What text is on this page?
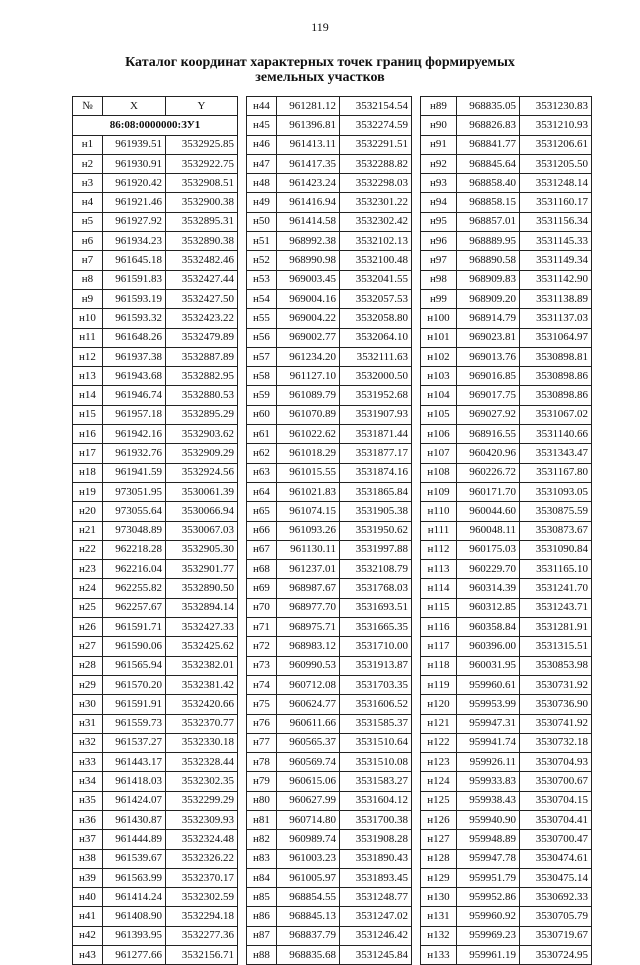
119
Каталог координат характерных точек границ формируемых
земельных участков
№	X	Y
86:08:0000000:ЗУ1		
н1	961939.51	3532925.85
н2	961930.91	3532922.75
н3	961920.42	3532908.51
н4	961921.46	3532900.38
н5	961927.92	3532895.31
н6	961934.23	3532890.38
н7	961645.18	3532482.46
н8	961591.83	3532427.44
н9	961593.19	3532427.50
н10	961593.32	3532423.22
н11	961648.26	3532479.89
н12	961937.38	3532887.89
н13	961943.68	3532882.95
н14	961946.74	3532880.53
н15	961957.18	3532895.29
н16	961942.16	3532903.62
н17	961932.76	3532909.29
н18	961941.59	3532924.56
н19	973051.95	3530061.39
н20	973055.64	3530066.94
н21	973048.89	3530067.03
н22	962218.28	3532905.30
н23	962216.04	3532901.77
н24	962255.82	3532890.50
н25	962257.67	3532894.14
н26	961591.71	3532427.33
н27	961590.06	3532425.62
н28	961565.94	3532382.01
н29	961570.20	3532381.42
н30	961591.91	3532420.66
н31	961559.73	3532370.77
н32	961537.27	3532330.18
н33	961443.17	3532328.44
н34	961418.03	3532302.35
н35	961424.07	3532299.29
н36	961430.87	3532309.93
н37	961444.89	3532324.48
н38	961539.67	3532326.22
н39	961563.99	3532370.17
н40	961414.24	3532302.59
н41	961408.90	3532294.18
н42	961393.95	3532277.36
н43	961277.66	3532156.71
н44	961281.12	3532154.54
н45	961396.81	3532274.59
н46	961413.11	3532291.51
н47	961417.35	3532288.82
н48	961423.24	3532298.03
н49	961416.94	3532301.22
н50	961414.58	3532302.42
н51	968992.38	3532102.13
н52	968990.98	3532100.48
н53	969003.45	3532041.55
н54	969004.16	3532057.53
н55	969004.22	3532058.80
н56	969002.77	3532064.10
н57	961234.20	3532111.63
н58	961127.10	3532000.50
н59	961089.79	3531952.68
н60	961070.89	3531907.93
н61	961022.62	3531871.44
н62	961018.29	3531877.17
н63	961015.55	3531874.16
н64	961021.83	3531865.84
н65	961074.15	3531905.38
н66	961093.26	3531950.62
н67	961130.11	3531997.88
н68	961237.01	3532108.79
н69	968987.67	3531768.03
н70	968977.70	3531693.51
н71	968975.71	3531665.35
н72	968983.12	3531710.00
н73	960990.53	3531913.87
н74	960712.08	3531703.35
н75	960624.77	3531606.52
н76	960611.66	3531585.37
н77	960565.37	3531510.64
н78	960569.74	3531510.08
н79	960615.06	3531583.27
н80	960627.99	3531604.12
н81	960714.80	3531700.38
н82	960989.74	3531908.28
н83	961003.23	3531890.43
н84	961005.97	3531893.45
н85	968854.55	3531248.77
н86	968845.13	3531247.02
н87	968837.79	3531246.42
н88	968835.68	3531245.84
н89	968835.05	3531230.83
н90	968826.83	3531210.93
н91	968841.77	3531206.61
н92	968845.64	3531205.50
н93	968858.40	3531248.14
н94	968858.15	3531160.17
н95	968857.01	3531156.34
н96	968889.95	3531145.33
н97	968890.58	3531149.34
н98	968909.83	3531142.90
н99	968909.20	3531138.89
н100	968914.79	3531137.03
н101	969023.81	3531064.97
н102	969013.76	3530898.81
н103	969016.85	3530898.86
н104	969017.75	3530898.86
н105	969027.92	3531067.02
н106	968916.55	3531140.66
н107	960420.96	3531343.47
н108	960226.72	3531167.80
н109	960171.70	3531093.05
н110	960044.60	3530875.59
н111	960048.11	3530873.67
н112	960175.03	3531090.84
н113	960229.70	3531165.10
н114	960314.39	3531241.70
н115	960312.85	3531243.71
н116	960358.84	3531281.91
н117	960396.00	3531315.51
н118	960031.95	3530853.98
н119	959960.61	3530731.92
н120	959953.99	3530736.90
н121	959947.31	3530741.92
н122	959941.74	3530732.18
н123	959926.11	3530704.93
н124	959933.83	3530700.67
н125	959938.43	3530704.15
н126	959940.90	3530704.41
н127	959948.89	3530700.47
н128	959947.78	3530474.61
н129	959951.79	3530475.14
н130	959952.86	3530692.33
н131	959960.92	3530705.79
н132	959969.23	3530719.67
н133	959961.19	3530724.95
